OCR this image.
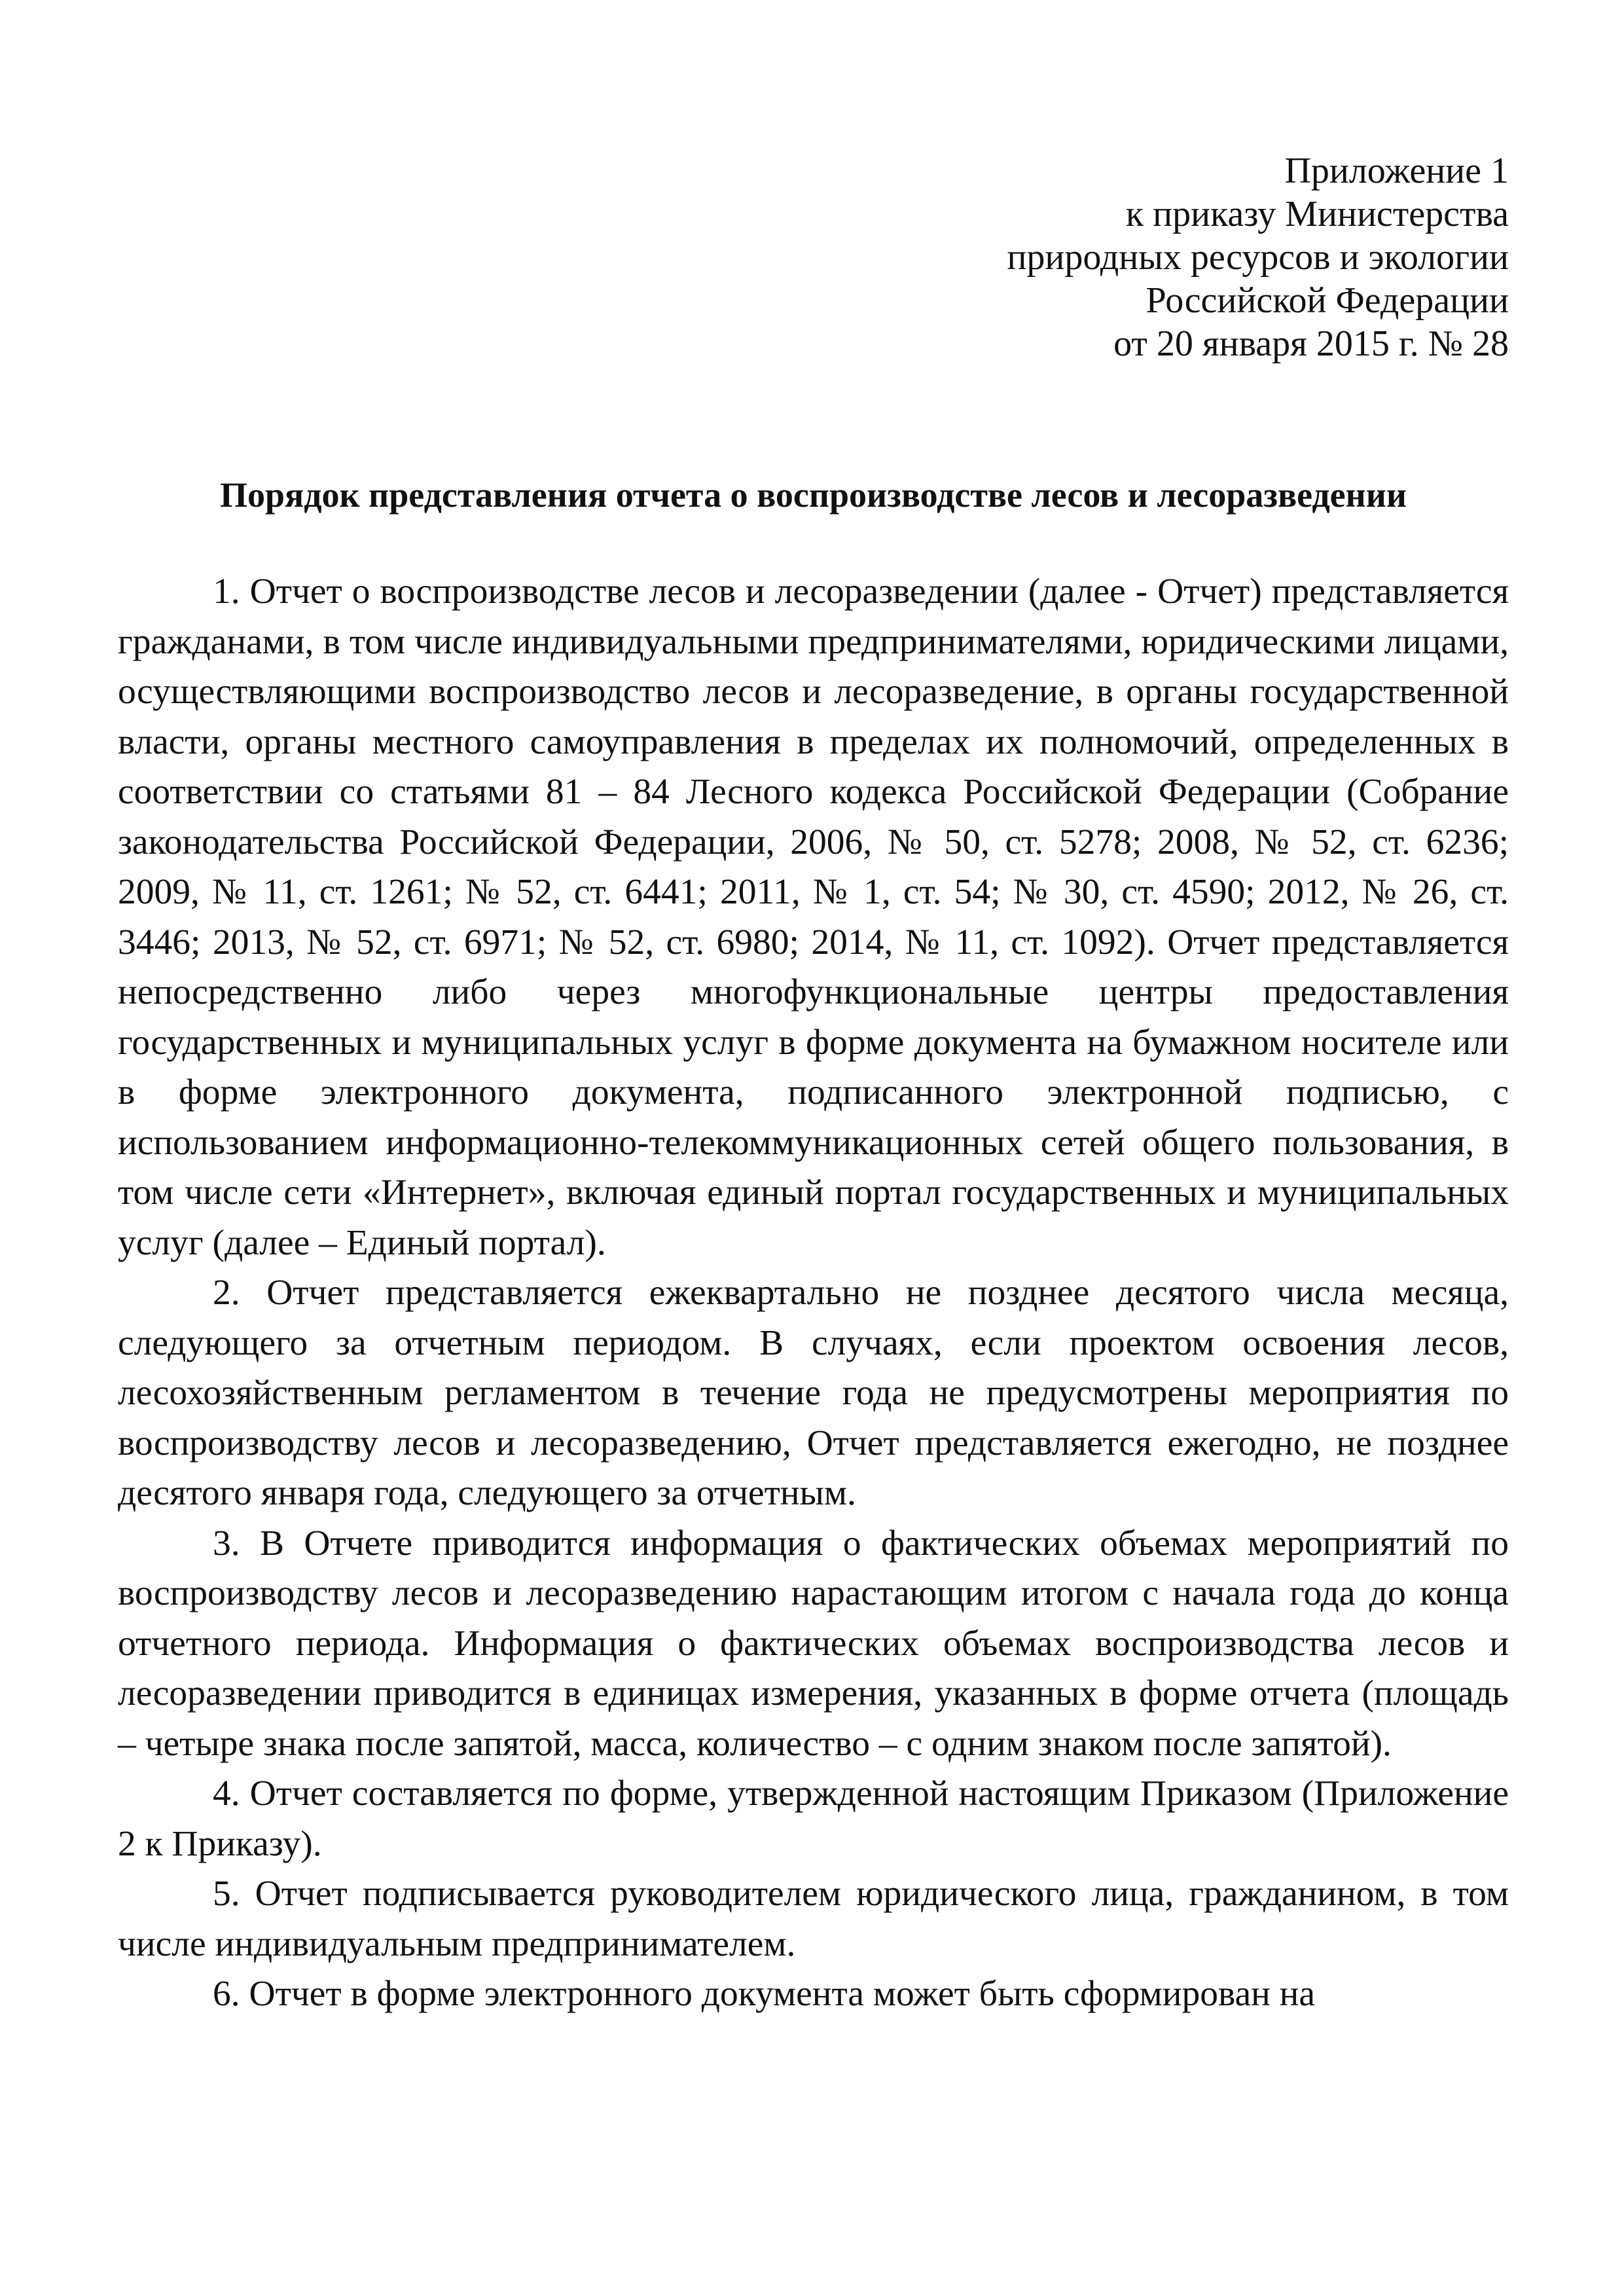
Приложение 1
к приказу Министерства
природных ресурсов и экологии
Российской Федерации
от 20 января 2015 г. № 28
Порядок представления отчета о воспроизводстве лесов и лесоразведении

1. Отчет о воспроизводстве лесов и лесоразведении (далее - Отчет) представляется гражданами, в том числе индивидуальными предпринимателями, юридическими лицами, осуществляющими воспроизводство лесов и лесоразведение, в органы государственной власти, органы местного самоуправления в пределах их полномочий, определенных в соответствии со статьями 81 – 84 Лесного кодекса Российской Федерации (Собрание законодательства Российской Федерации, 2006, № 50, ст. 5278; 2008, № 52, ст. 6236; 2009, № 11, ст. 1261; № 52, ст. 6441; 2011, № 1, ст. 54; № 30, ст. 4590; 2012, № 26, ст. 3446; 2013, № 52, ст. 6971; № 52, ст. 6980; 2014, № 11, ст. 1092). Отчет представляется непосредственно либо через многофункциональные центры предоставления государственных и муниципальных услуг в форме документа на бумажном носителе или в форме электронного документа, подписанного электронной подписью, с использованием информационно-телекоммуникационных сетей общего пользования, в том числе сети «Интернет», включая единый портал государственных и муниципальных услуг (далее – Единый портал).

2. Отчет представляется ежеквартально не позднее десятого числа месяца, следующего за отчетным периодом. В случаях, если проектом освоения лесов, лесохозяйственным регламентом в течение года не предусмотрены мероприятия по воспроизводству лесов и лесоразведению, Отчет представляется ежегодно, не позднее десятого января года, следующего за отчетным.

3. В Отчете приводится информация о фактических объемах мероприятий по воспроизводству лесов и лесоразведению нарастающим итогом с начала года до конца отчетного периода. Информация о фактических объемах воспроизводства лесов и лесоразведении приводится в единицах измерения, указанных в форме отчета (площадь – четыре знака после запятой, масса, количество – с одним знаком после запятой).

4. Отчет составляется по форме, утвержденной настоящим Приказом (Приложение 2 к Приказу).

5. Отчет подписывается руководителем юридического лица, гражданином, в том числе индивидуальным предпринимателем.

6. Отчет в форме электронного документа может быть сформирован на
